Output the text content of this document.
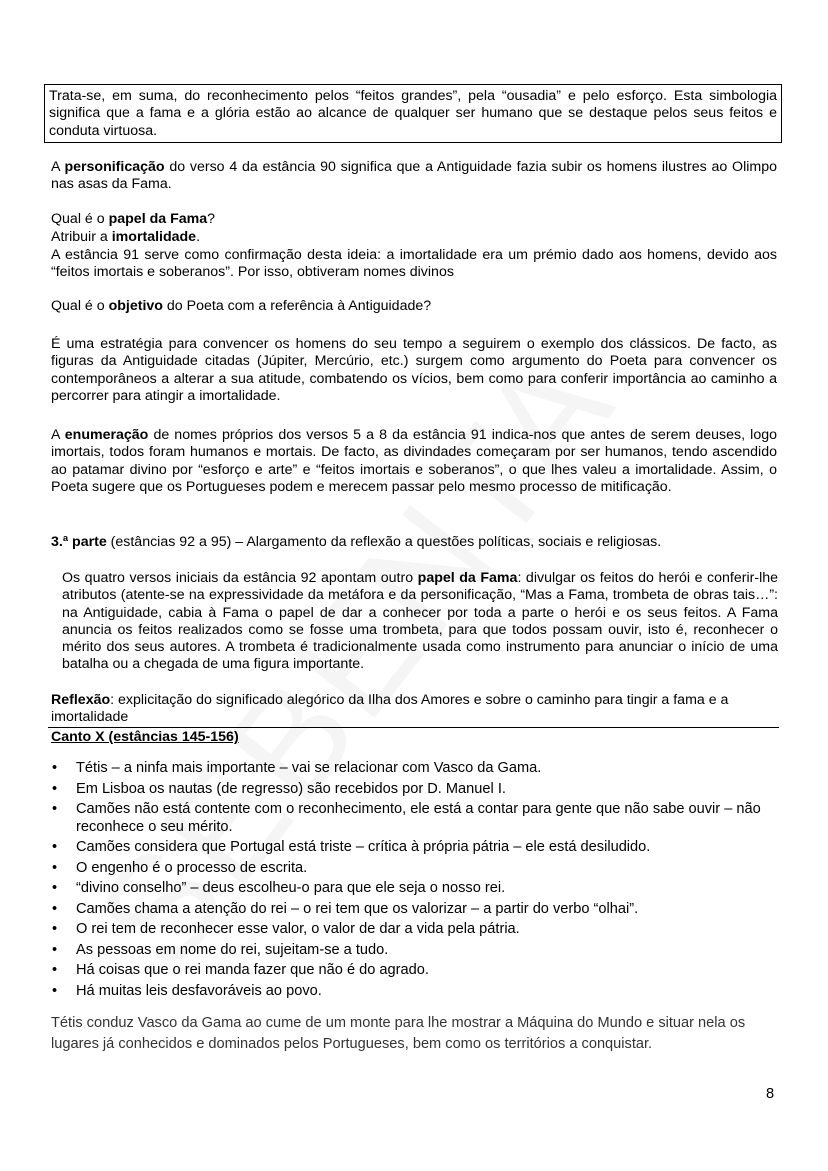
Trata-se, em suma, do reconhecimento pelos “feitos grandes”, pela “ousadia” e pelo esforço. Esta simbologia significa que a fama e a glória estão ao alcance de qualquer ser humano que se destaque pelos seus feitos e conduta virtuosa.

A personificação do verso 4 da estância 90 significa que a Antiguidade fazia subir os homens ilustres ao Olimpo nas asas da Fama.

Qual é o papel da Fama?

Atribuir a imortalidade.

A estância 91 serve como confirmação desta ideia: a imortalidade era um prémio dado aos homens, devido aos “feitos imortais e soberanos”. Por isso, obtiveram nomes divinos

Qual é o objetivo do Poeta com a referência à Antiguidade?

É uma estratégia para convencer os homens do seu tempo a seguirem o exemplo dos clássicos. De facto, as figuras da Antiguidade citadas (Júpiter, Mercúrio, etc.) surgem como argumento do Poeta para convencer os contemporâneos a alterar a sua atitude, combatendo os vícios, bem como para conferir importância ao caminho a percorrer para atingir a imortalidade.

A enumeração de nomes próprios dos versos 5 a 8 da estância 91 indica-nos que antes de serem deuses, logo imortais, todos foram humanos e mortais. De facto, as divindades começaram por ser humanos, tendo ascendido ao patamar divino por “esforço e arte” e “feitos imortais e soberanos”, o que lhes valeu a imortalidade. Assim, o Poeta sugere que os Portugueses podem e merecem passar pelo mesmo processo de mitificação.

3.ª parte (estâncias 92 a 95) – Alargamento da reflexão a questões políticas, sociais e religiosas.

Os quatro versos iniciais da estância 92 apontam outro papel da Fama: divulgar os feitos do herói e conferir-lhe atributos (atente-se na expressividade da metáfora e da personificação, “Mas a Fama, trombeta de obras tais…”: na Antiguidade, cabia à Fama o papel de dar a conhecer por toda a parte o herói e os seus feitos. A Fama anuncia os feitos realizados como se fosse uma trombeta, para que todos possam ouvir, isto é, reconhecer o mérito dos seus autores. A trombeta é tradicionalmente usada como instrumento para anunciar o início de uma batalha ou a chegada de uma figura importante.

Reflexão: explicitação do significado alegórico da Ilha dos Amores e sobre o caminho para tingir a fama e a imortalidade

Canto X (estâncias 145-156)

• Tétis – a ninfa mais importante – vai se relacionar com Vasco da Gama.
• Em Lisboa os nautas (de regresso) são recebidos por D. Manuel I.
• Camões não está contente com o reconhecimento, ele está a contar para gente que não sabe ouvir – não reconhece o seu mérito.
• Camões considera que Portugal está triste – crítica à própria pátria – ele está desiludido.
• O engenho é o processo de escrita.
• “divino conselho” – deus escolheu-o para que ele seja o nosso rei.
• Camões chama a atenção do rei – o rei tem que os valorizar – a partir do verbo “olhai”.
• O rei tem de reconhecer esse valor, o valor de dar a vida pela pátria.
• As pessoas em nome do rei, sujeitam-se a tudo.
• Há coisas que o rei manda fazer que não é do agrado.
• Há muitas leis desfavoráveis ao povo.

Tétis conduz Vasco da Gama ao cume de um monte para lhe mostrar a Máquina do Mundo e situar nela os lugares já conhecidos e dominados pelos Portugueses, bem como os territórios a conquistar.

8
